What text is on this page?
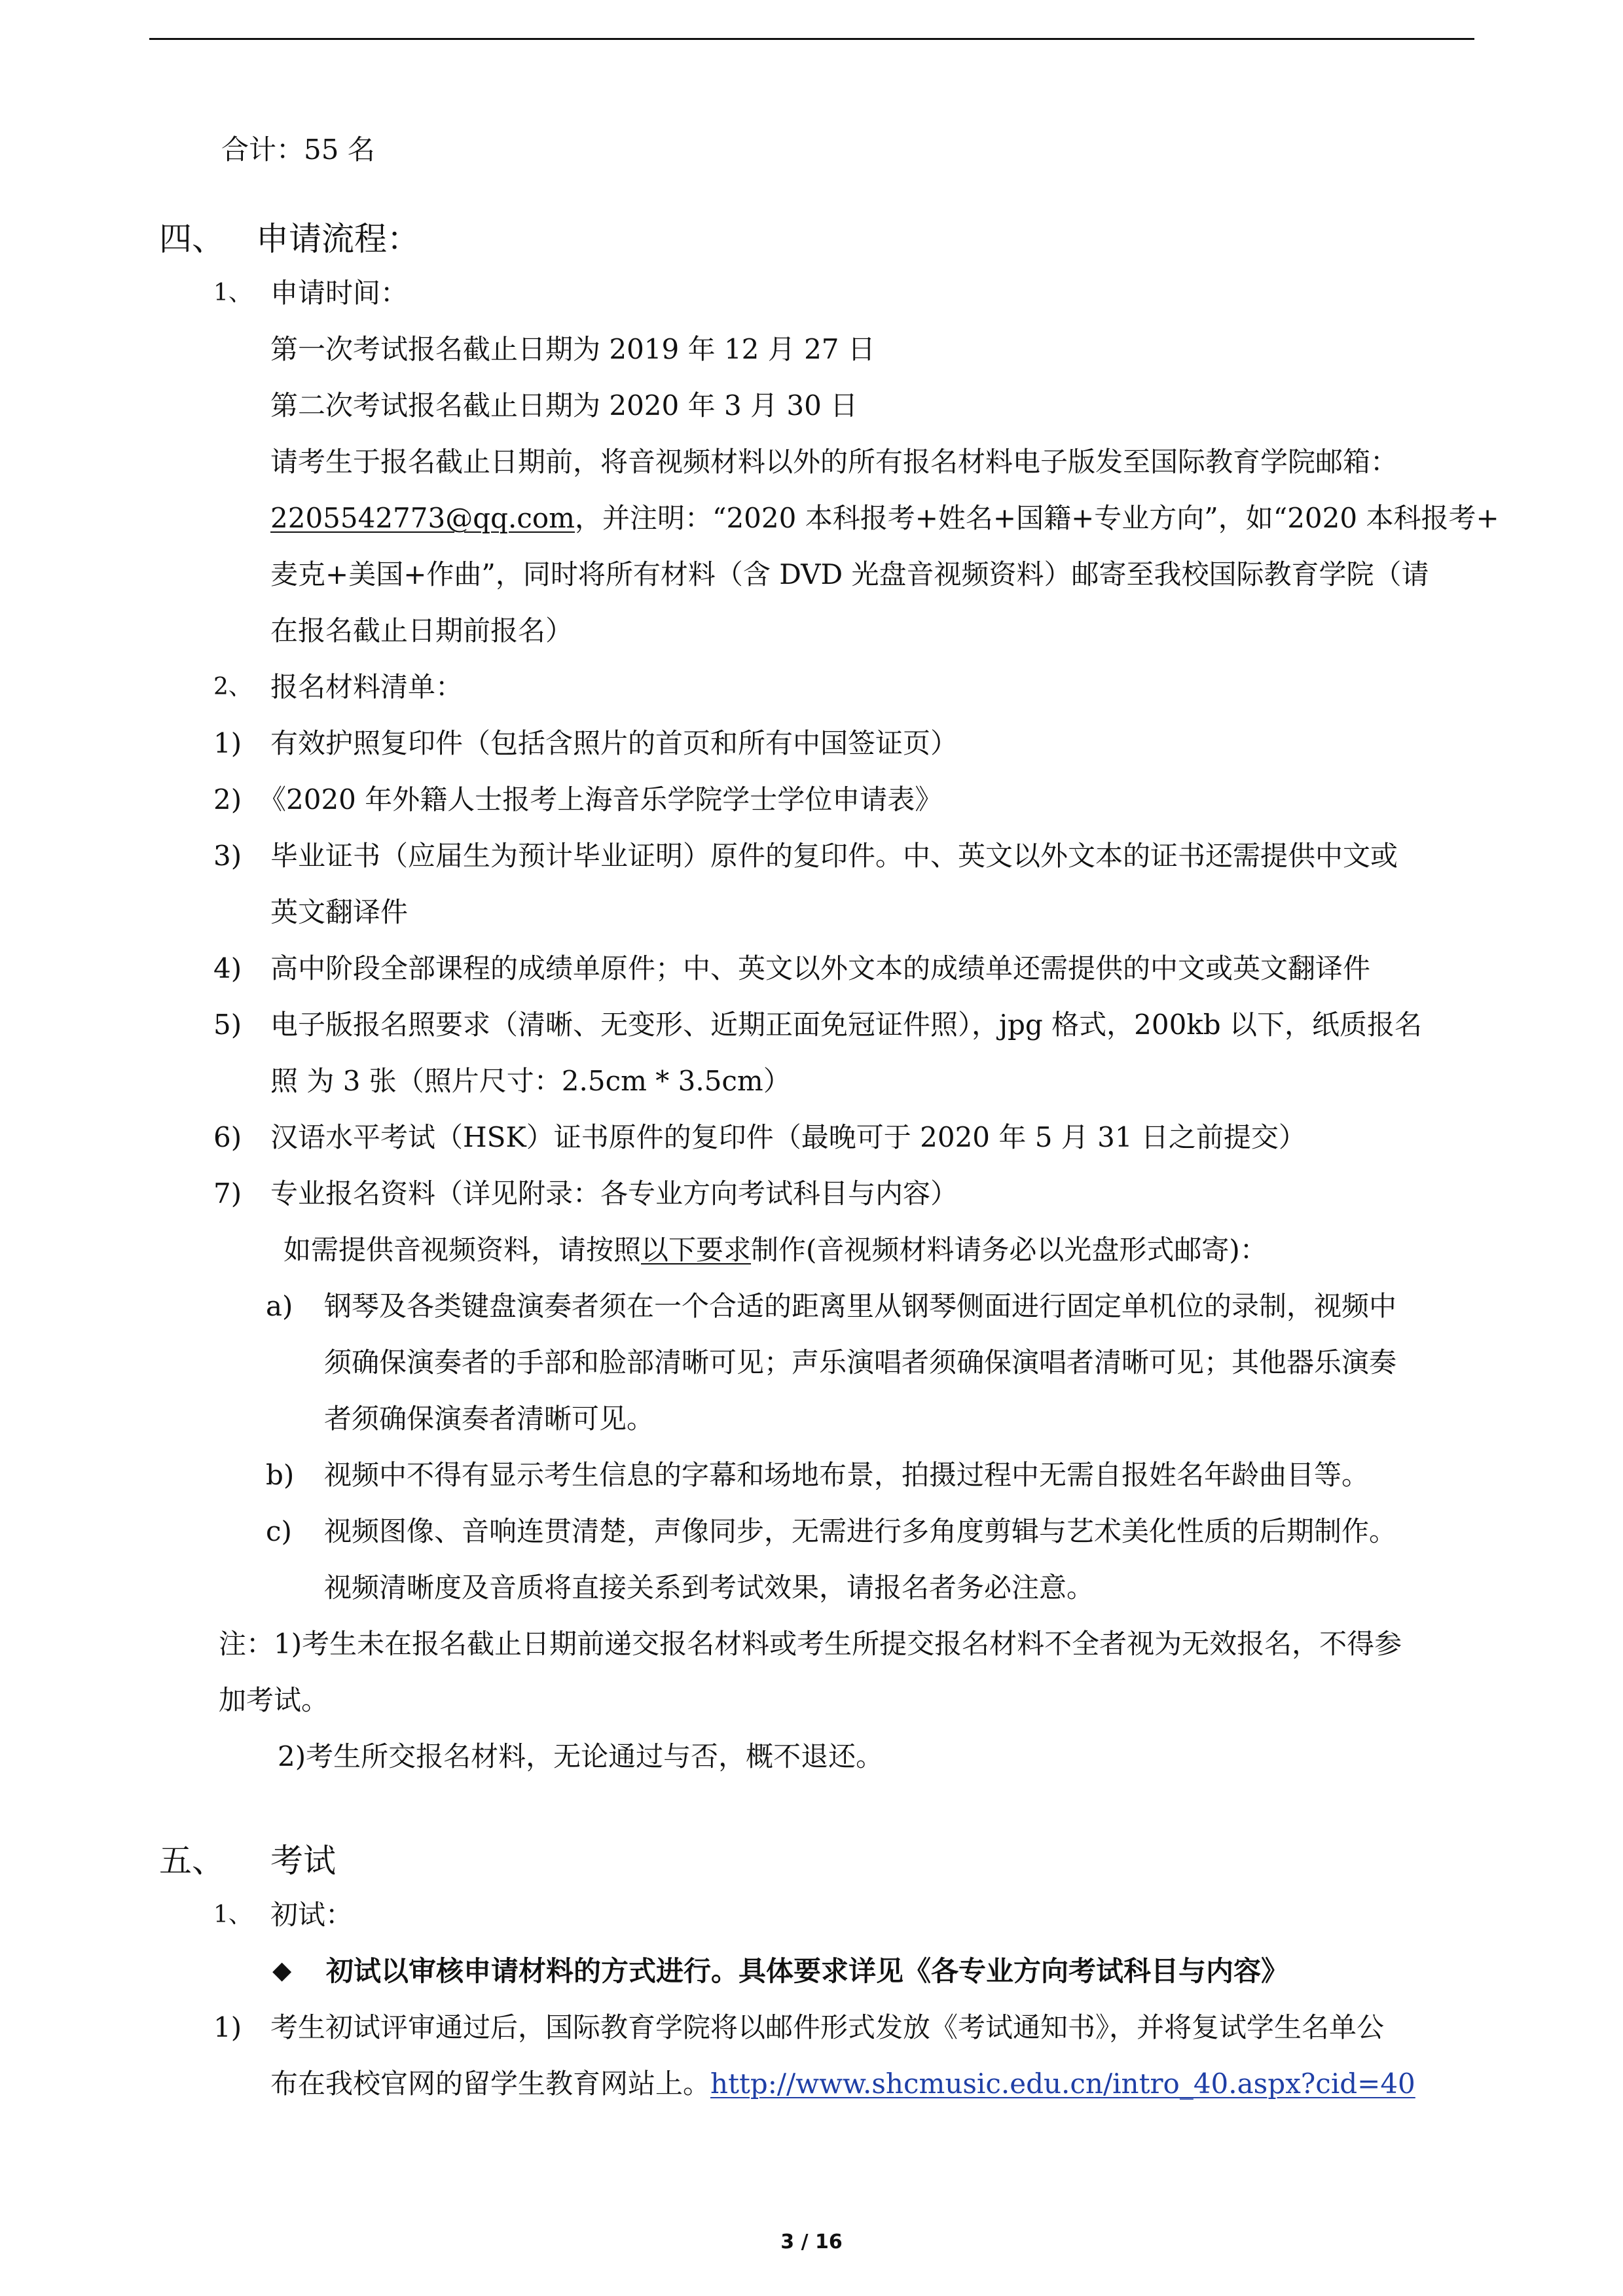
合计：55 名
四、 申请流程：
1、 申请时间：
第一次考试报名截止日期为 2019 年 12 月 27 日
第二次考试报名截止日期为 2020 年 3 月 30 日
请考生于报名截止日期前，将音视频材料以外的所有报名材料电子版发至国际教育学院邮箱：
2205542773@qq.com，并注明：“2020 本科报考+姓名+国籍+专业方向”，如“2020 本科报考+
麦克+美国+作曲”，同时将所有材料（含 DVD 光盘音视频资料）邮寄至我校国际教育学院（请
在报名截止日期前报名）
2、 报名材料清单：
1) 有效护照复印件（包括含照片的首页和所有中国签证页）
2) 《2020 年外籍人士报考上海音乐学院学士学位申请表》
3) 毕业证书（应届生为预计毕业证明）原件的复印件。中、英文以外文本的证书还需提供中文或
英文翻译件
4) 高中阶段全部课程的成绩单原件；中、英文以外文本的成绩单还需提供的中文或英文翻译件
5) 电子版报名照要求（清晰、无变形、近期正面免冠证件照），jpg 格式，200kb 以下，纸质报名
照 为 3 张（照片尺寸：2.5cm * 3.5cm）
6) 汉语水平考试（HSK）证书原件的复印件（最晚可于 2020 年 5 月 31 日之前提交）
7) 专业报名资料（详见附录：各专业方向考试科目与内容）
如需提供音视频资料，请按照以下要求制作(音视频材料请务必以光盘形式邮寄)：
a) 钢琴及各类键盘演奏者须在一个合适的距离里从钢琴侧面进行固定单机位的录制，视频中
须确保演奏者的手部和脸部清晰可见；声乐演唱者须确保演唱者清晰可见；其他器乐演奏
者须确保演奏者清晰可见。
b) 视频中不得有显示考生信息的字幕和场地布景，拍摄过程中无需自报姓名年龄曲目等。
c) 视频图像、音响连贯清楚，声像同步，无需进行多角度剪辑与艺术美化性质的后期制作。
视频清晰度及音质将直接关系到考试效果，请报名者务必注意。
注：1)考生未在报名截止日期前递交报名材料或考生所提交报名材料不全者视为无效报名，不得参
加考试。
2)考生所交报名材料，无论通过与否，概不退还。
五、 考试
1、 初试：
◆ 初试以审核申请材料的方式进行。具体要求详见《各专业方向考试科目与内容》
1) 考生初试评审通过后，国际教育学院将以邮件形式发放《考试通知书》，并将复试学生名单公
布在我校官网的留学生教育网站上。http://www.shcmusic.edu.cn/intro_40.aspx?cid=40
3 / 16
